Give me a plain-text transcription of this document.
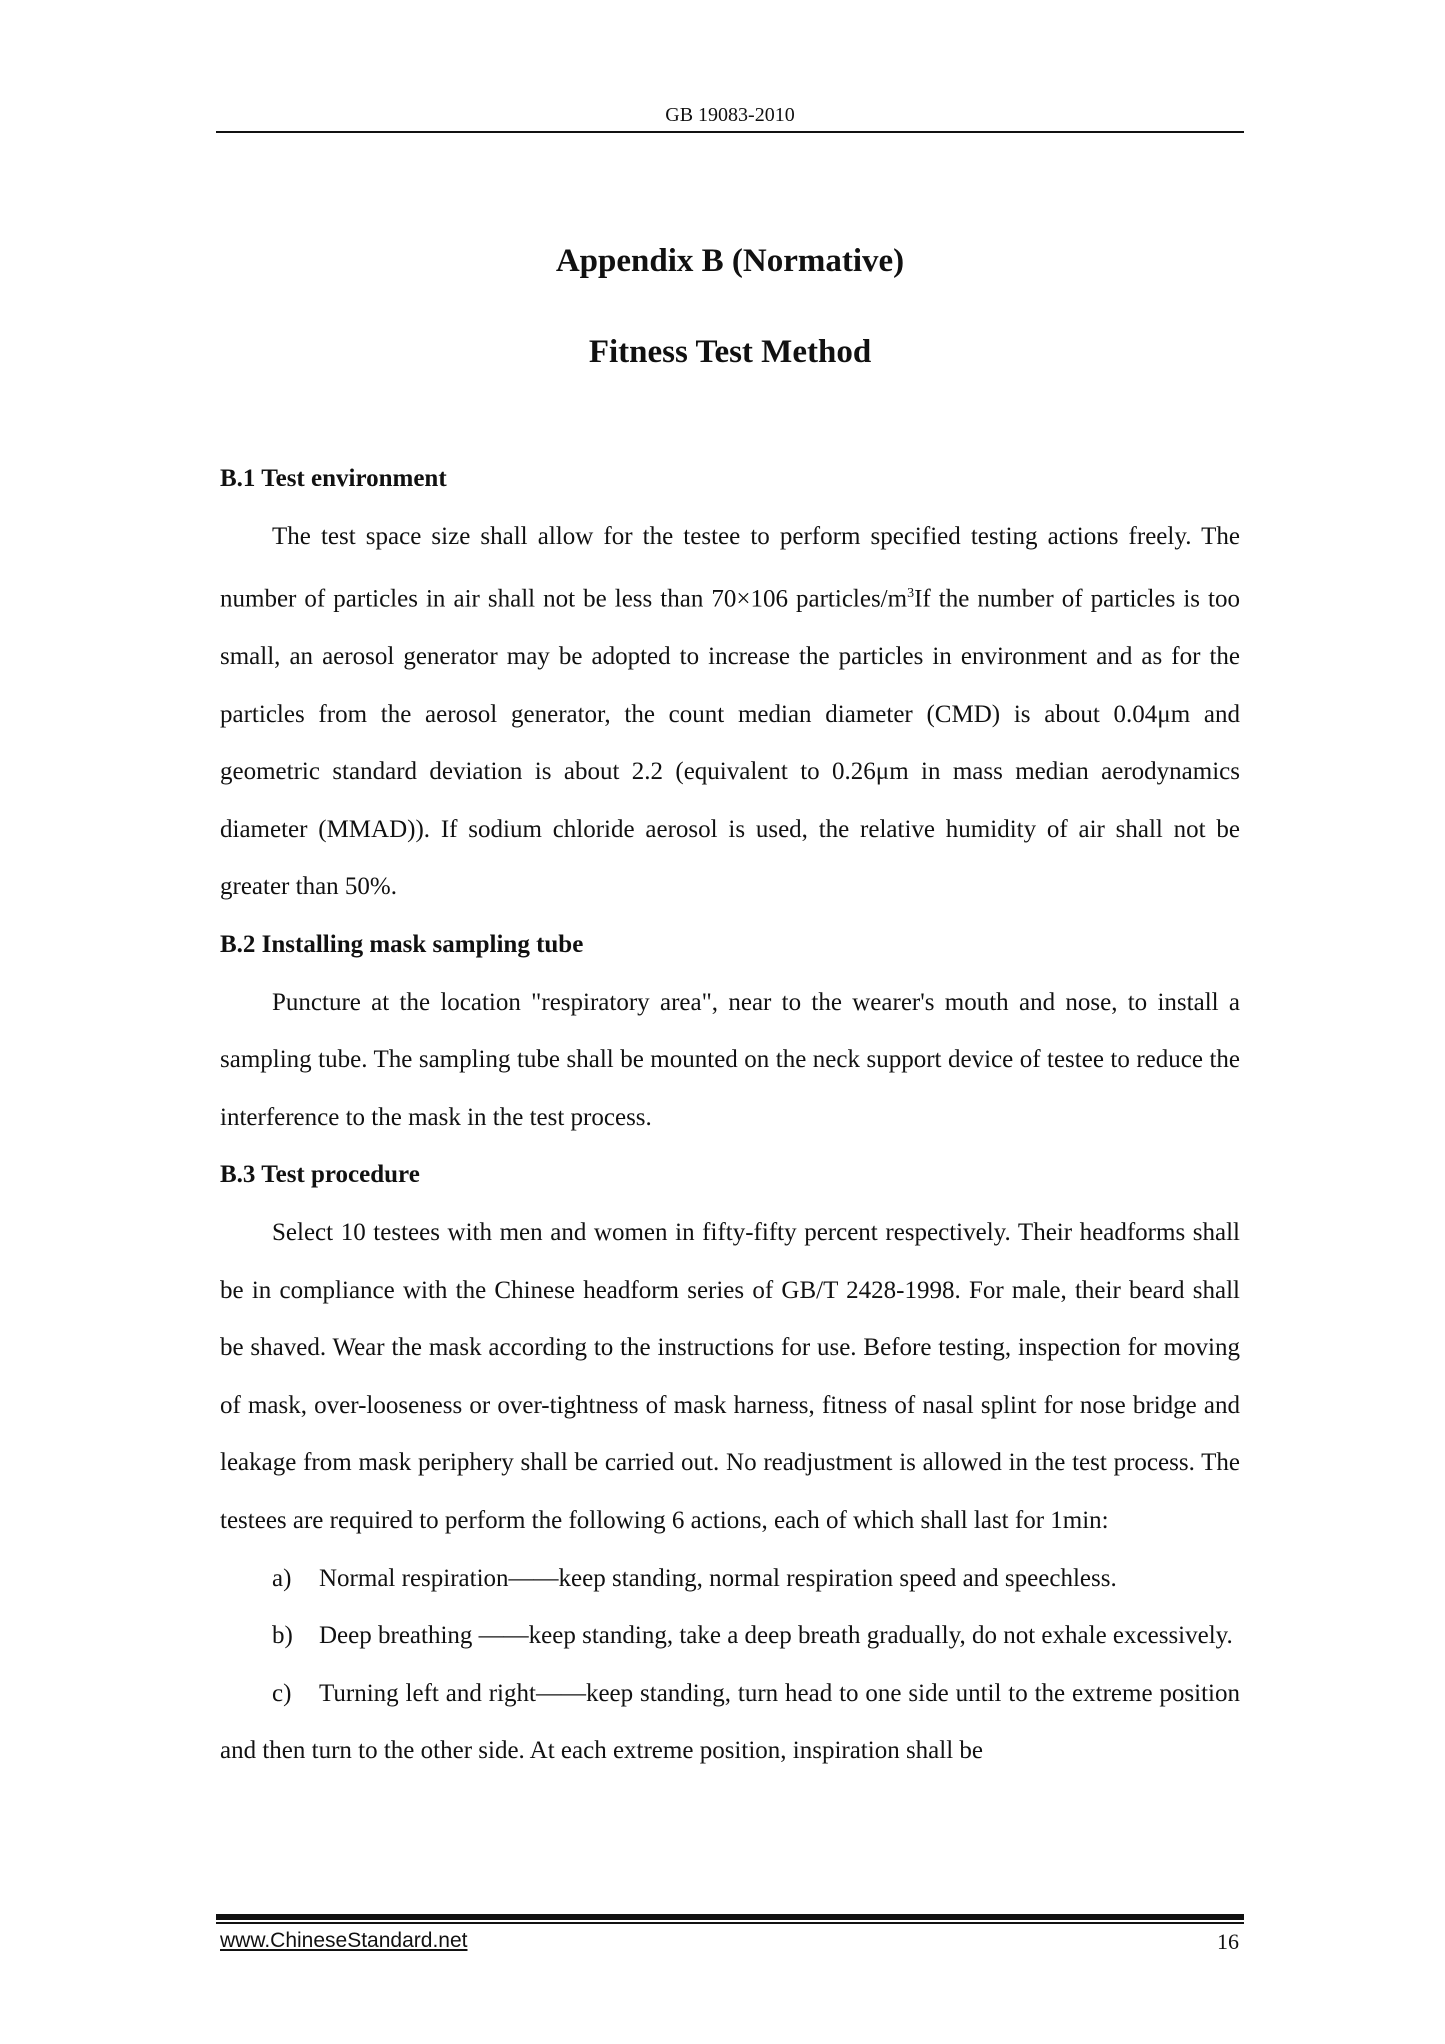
GB 19083-2010
Appendix B (Normative)
Fitness Test Method
B.1 Test environment
The test space size shall allow for the testee to perform specified testing actions freely. The number of particles in air shall not be less than 70×106 particles/$m^3If$ the number of particles is too small, an aerosol generator may be adopted to increase the particles in environment and as for the particles from the aerosol generator, the count median diameter (CMD) is about 0.04μm and geometric standard deviation is about 2.2 (equivalent to 0.26μm in mass median aerodynamics diameter (MMAD)). If sodium chloride aerosol is used, the relative humidity of air shall not be greater than 50%.
B.2 Installing mask sampling tube
Puncture at the location "respiratory area", near to the wearer's mouth and nose, to install a sampling tube. The sampling tube shall be mounted on the neck support device of testee to reduce the interference to the mask in the test process.
B.3 Test procedure
Select 10 testees with men and women in fifty-fifty percent respectively. Their headforms shall be in compliance with the Chinese headform series of GB/T 2428-1998. For male, their beard shall be shaved. Wear the mask according to the instructions for use. Before testing, inspection for moving of mask, over-looseness or over-tightness of mask harness, fitness of nasal splint for nose bridge and leakage from mask periphery shall be carried out. No readjustment is allowed in the test process. The testees are required to perform the following 6 actions, each of which shall last for 1min:
a) Normal respiration——keep standing, normal respiration speed and speechless.
b) Deep breathing ——keep standing, take a deep breath gradually, do not exhale excessively.
c) Turning left and right——keep standing, turn head to one side until to the extreme position and then turn to the other side. At each extreme position, inspiration shall be
www.ChineseStandard.net	16
